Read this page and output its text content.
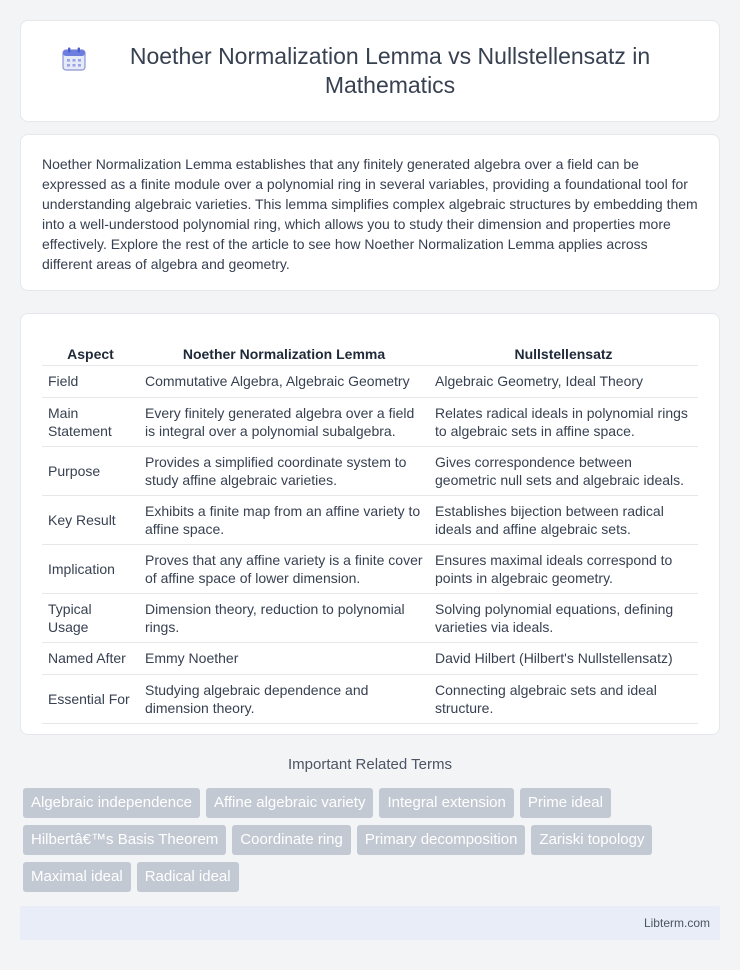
Noether Normalization Lemma vs Nullstellensatz in Mathematics

Noether Normalization Lemma establishes that any finitely generated algebra over a field can be expressed as a finite module over a polynomial ring in several variables, providing a foundational tool for understanding algebraic varieties. This lemma simplifies complex algebraic structures by embedding them into a well-understood polynomial ring, which allows you to study their dimension and properties more effectively. Explore the rest of the article to see how Noether Normalization Lemma applies across different areas of algebra and geometry.

Aspect	Noether Normalization Lemma	Nullstellensatz
Field	Commutative Algebra, Algebraic Geometry	Algebraic Geometry, Ideal Theory
Main Statement	Every finitely generated algebra over a field is integral over a polynomial subalgebra.	Relates radical ideals in polynomial rings to algebraic sets in affine space.
Purpose	Provides a simplified coordinate system to study affine algebraic varieties.	Gives correspondence between geometric null sets and algebraic ideals.
Key Result	Exhibits a finite map from an affine variety to affine space.	Establishes bijection between radical ideals and affine algebraic sets.
Implication	Proves that any affine variety is a finite cover of affine space of lower dimension.	Ensures maximal ideals correspond to points in algebraic geometry.
Typical Usage	Dimension theory, reduction to polynomial rings.	Solving polynomial equations, defining varieties via ideals.
Named After	Emmy Noether	David Hilbert (Hilbert's Nullstellensatz)
Essential For	Studying algebraic dependence and dimension theory.	Connecting algebraic sets and ideal structure.
Important Related Terms
Algebraic independence	Affine algebraic variety	Integral extension	Prime ideal
Hilbertâ€™s Basis Theorem	Coordinate ring	Primary decomposition	Zariski topology
Maximal ideal	Radical ideal
Libterm.com
